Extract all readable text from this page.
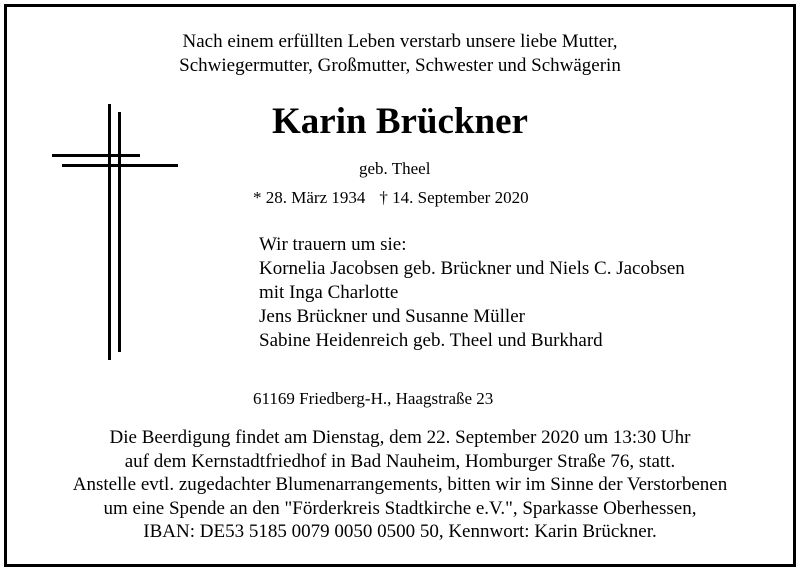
Nach einem erfüllten Leben verstarb unsere liebe Mutter,
Schwiegermutter, Großmutter, Schwester und Schwägerin
Karin Brückner
geb. Theel
* 28. März 1934 † 14. September 2020
Wir trauern um sie:
Kornelia Jacobsen geb. Brückner und Niels C. Jacobsen
mit Inga Charlotte
Jens Brückner und Susanne Müller
Sabine Heidenreich geb. Theel und Burkhard
61169 Friedberg-H., Haagstraße 23
Die Beerdigung findet am Dienstag, dem 22. September 2020 um 13:30 Uhr
auf dem Kernstadtfriedhof in Bad Nauheim, Homburger Straße 76, statt.
Anstelle evtl. zugedachter Blumenarrangements, bitten wir im Sinne der Verstorbenen
um eine Spende an den "Förderkreis Stadtkirche e.V.", Sparkasse Oberhessen,
IBAN: DE53 5185 0079 0050 0500 50, Kennwort: Karin Brückner.
